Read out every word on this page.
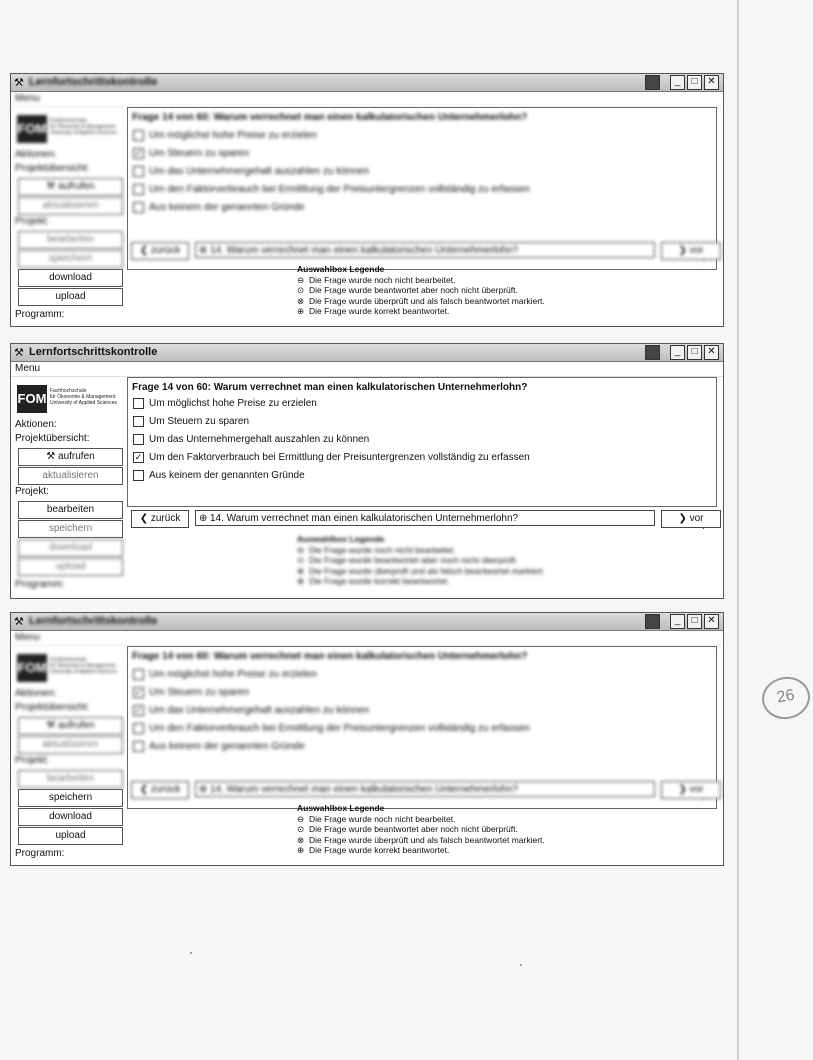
⚒ Lernfortschrittskontrolle	_	□ ✕
Menu
FOM Fachhochschule
für Ökonomie & Management
University of Applied Sciences
Aktionen:
Projektübersicht:
⚒ aufrufen
aktualisieren
Projekt:
bearbeiten
speichern
download
upload
Programm:
Frage 14 von 60: Warum verrechnet man einen kalkulatorischen Unternehmerlohn?
Um möglichst hohe Preise zu erzielen
✓ Um Steuern zu sparen
Um das Unternehmergehalt auszahlen zu können
Um den Faktorverbrauch bei Ermittlung der Preisuntergrenzen vollständig zu erfassen
Aus keinem der genannten Gründe
❮ zurück	⊕ 14. Warum verrechnet man einen kalkulatorischen Unternehmerlohn?	❯ vor
Auswahlbox Legende
⊖ Die Frage wurde noch nicht bearbeitet.
⊙ Die Frage wurde beantwortet aber noch nicht überprüft.
⊗ Die Frage wurde überprüft und als falsch beantwortet markiert.
⊕ Die Frage wurde korrekt beantwortet.
⚒ Lernfortschrittskontrolle	_	□ ✕
Menu
FOM Fachhochschule
für Ökonomie & Management
University of Applied Sciences
Aktionen:
Projektübersicht:
⚒ aufrufen
aktualisieren
Projekt:
bearbeiten
speichern
download
upload
Programm:
Frage 14 von 60: Warum verrechnet man einen kalkulatorischen Unternehmerlohn?
Um möglichst hohe Preise zu erzielen
Um Steuern zu sparen
Um das Unternehmergehalt auszahlen zu können
✓ Um den Faktorverbrauch bei Ermittlung der Preisuntergrenzen vollständig zu erfassen
Aus keinem der genannten Gründe
❮ zurück	⊕ 14. Warum verrechnet man einen kalkulatorischen Unternehmerlohn?	❯ vor
Auswahlbox Legende
⊖ Die Frage wurde noch nicht bearbeitet.
⊙ Die Frage wurde beantwortet aber noch nicht überprüft.
⊗ Die Frage wurde überprüft und als falsch beantwortet markiert.
⊕ Die Frage wurde korrekt beantwortet.
⚒ Lernfortschrittskontrolle	_	□ ✕
Menu
FOM Fachhochschule
für Ökonomie & Management
University of Applied Sciences
Aktionen:
Projektübersicht:
⚒ aufrufen
aktualisieren
Projekt:
bearbeiten
speichern
download
upload
Programm:
Frage 14 von 60: Warum verrechnet man einen kalkulatorischen Unternehmerlohn?
Um möglichst hohe Preise zu erzielen
✓ Um Steuern zu sparen
✓ Um das Unternehmergehalt auszahlen zu können
Um den Faktorverbrauch bei Ermittlung der Preisuntergrenzen vollständig zu erfassen
Aus keinem der genannten Gründe
26
❮ zurück	⊕ 14. Warum verrechnet man einen kalkulatorischen Unternehmerlohn?	❯ vor
Auswahlbox Legende
⊖ Die Frage wurde noch nicht bearbeitet.
⊙ Die Frage wurde beantwortet aber noch nicht überprüft.
⊗ Die Frage wurde überprüft und als falsch beantwortet markiert.
⊕ Die Frage wurde korrekt beantwortet.
